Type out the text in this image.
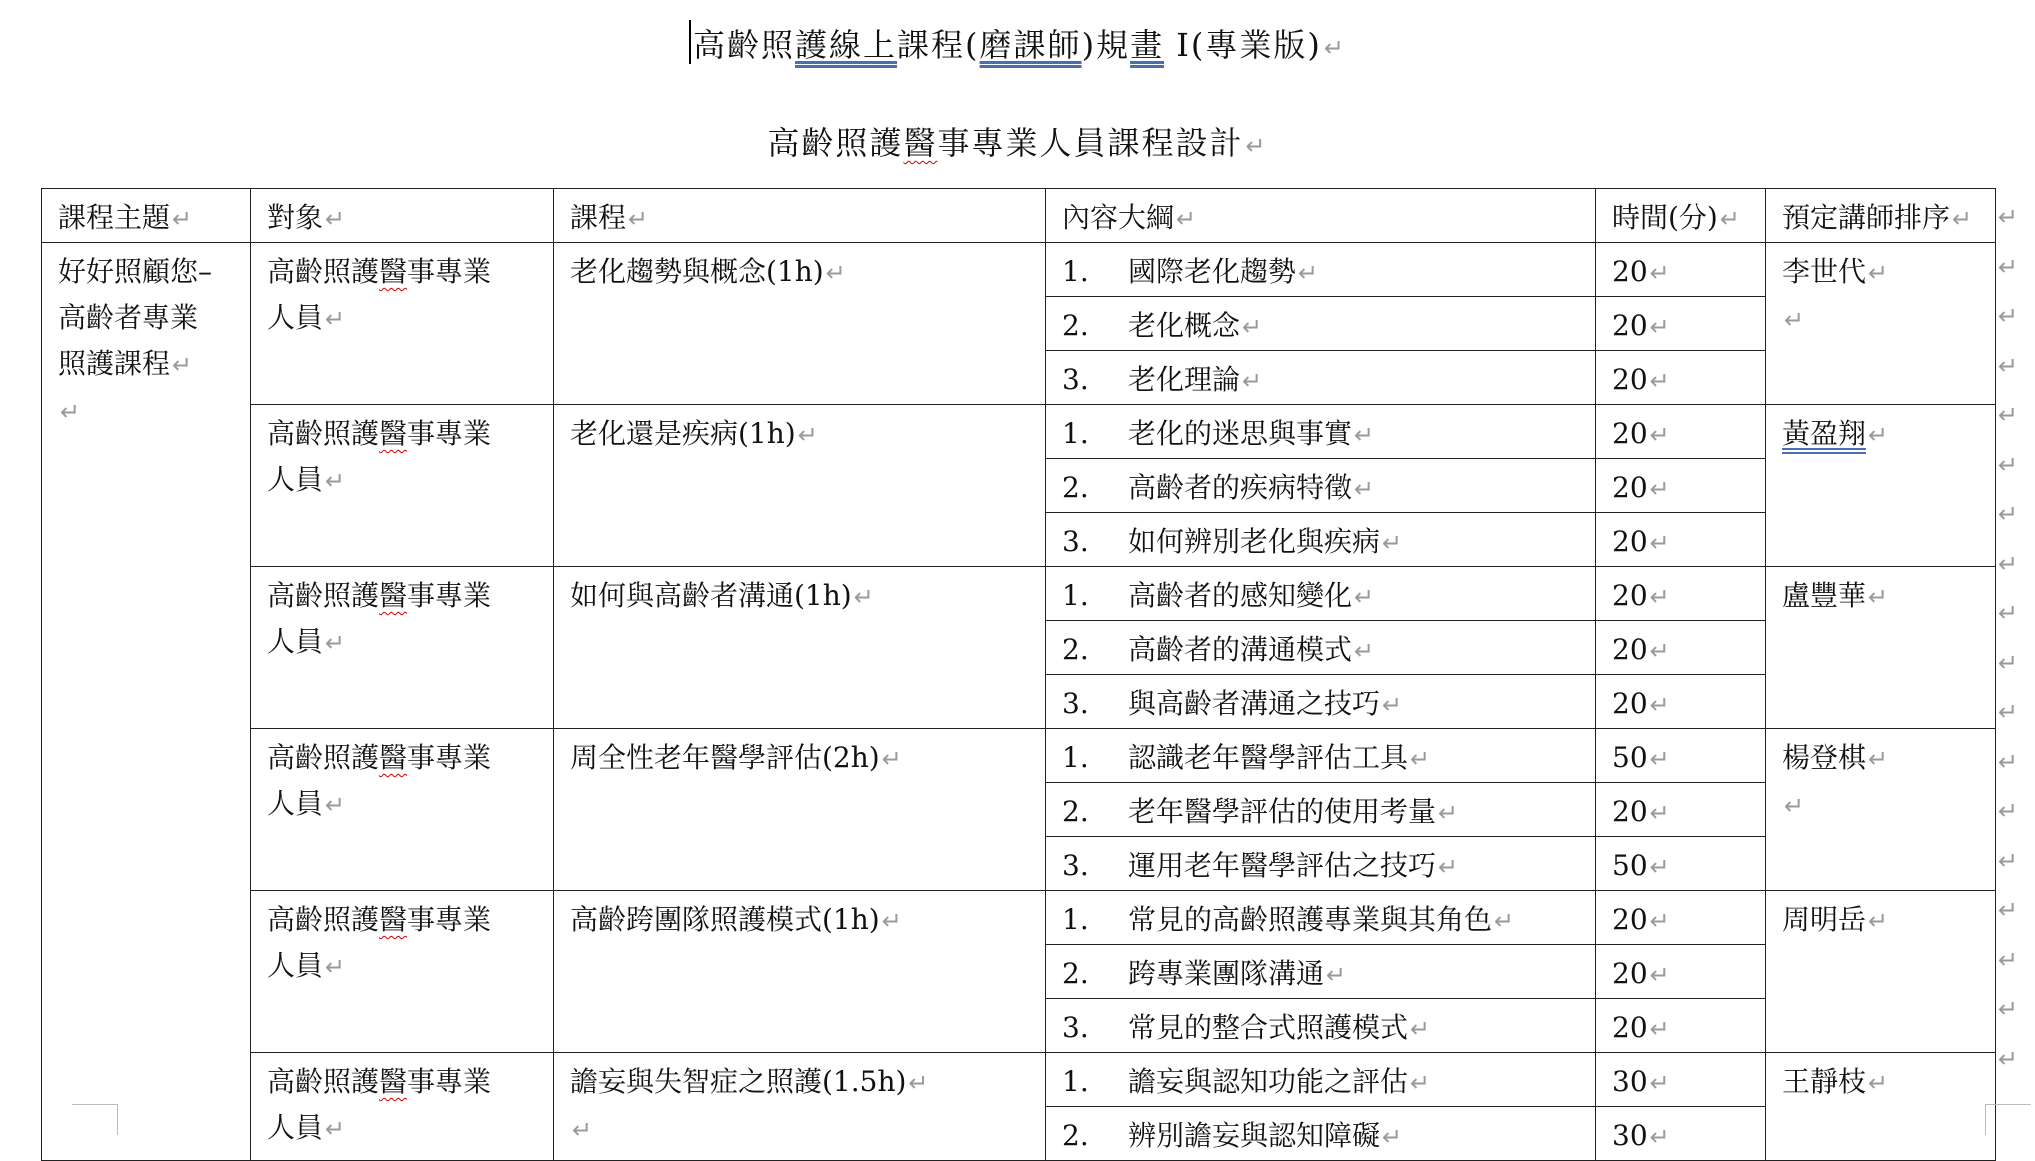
高齡照護線上課程(磨課師)規畫 I(專業版)↵
高齡照護醫事專業人員課程設計↵
課程主題↵	對象↵	課程↵	內容大綱↵	時間(分)↵	預定講師排序↵
好好照顧您–
高齡者專業
照護課程↵
↵	高齡照護醫事專業
人員↵	老化趨勢與概念(1h)↵	1. 國際老化趨勢↵	20↵	李世代↵
↵
			2. 老化概念↵	20↵	
			3. 老化理論↵	20↵	
	高齡照護醫事專業
人員↵	老化還是疾病(1h)↵	1. 老化的迷思與事實↵	20↵	黃盈翔↵
			2. 高齡者的疾病特徵↵	20↵	
			3. 如何辨別老化與疾病↵	20↵	
	高齡照護醫事專業
人員↵	如何與高齡者溝通(1h)↵	1. 高齡者的感知變化↵	20↵	盧豐華↵
			2. 高齡者的溝通模式↵	20↵	
			3. 與高齡者溝通之技巧↵	20↵	
	高齡照護醫事專業
人員↵	周全性老年醫學評估(2h)↵	1. 認識老年醫學評估工具↵	50↵	楊登棋↵
↵
			2. 老年醫學評估的使用考量↵	20↵	
			3. 運用老年醫學評估之技巧↵	50↵	
	高齡照護醫事專業
人員↵	高齡跨團隊照護模式(1h)↵	1. 常見的高齡照護專業與其角色↵	20↵	周明岳↵
			2. 跨專業團隊溝通↵	20↵	
			3. 常見的整合式照護模式↵	20↵	
	高齡照護醫事專業
人員↵	譫妄與失智症之照護(1.5h)↵
↵	1. 譫妄與認知功能之評估↵	30↵	王靜枝↵
			2. 辨別譫妄與認知障礙↵	30↵	
↵
↵
↵
↵
↵
↵
↵
↵
↵
↵
↵
↵
↵
↵
↵
↵
↵
↵
